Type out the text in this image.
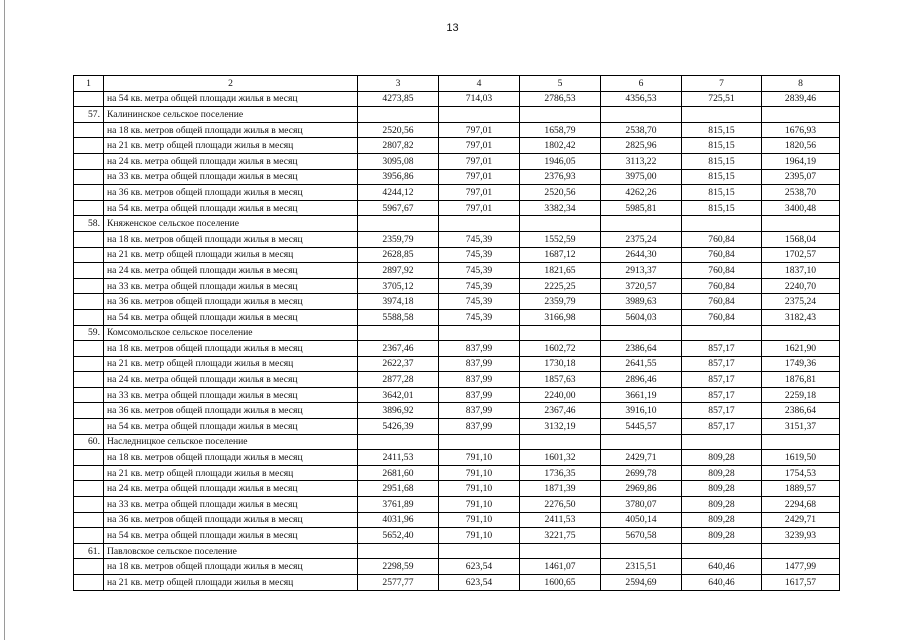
13
1	2	3	4	5	6	7	8
	на 54 кв. метра общей площади жилья в месяц	4273,85	714,03	2786,53	4356,53	725,51	2839,46
57.	Калининское сельское поселение						
	на 18 кв. метров общей площади жилья в месяц	2520,56	797,01	1658,79	2538,70	815,15	1676,93
	на 21 кв. метр общей площади жилья в месяц	2807,82	797,01	1802,42	2825,96	815,15	1820,56
	на 24 кв. метра общей площади жилья в месяц	3095,08	797,01	1946,05	3113,22	815,15	1964,19
	на 33 кв. метра общей площади жилья в месяц	3956,86	797,01	2376,93	3975,00	815,15	2395,07
	на 36 кв. метров общей площади жилья в месяц	4244,12	797,01	2520,56	4262,26	815,15	2538,70
	на 54 кв. метра общей площади жилья в месяц	5967,67	797,01	3382,34	5985,81	815,15	3400,48
58.	Княженское сельское поселение						
	на 18 кв. метров общей площади жилья в месяц	2359,79	745,39	1552,59	2375,24	760,84	1568,04
	на 21 кв. метр общей площади жилья в месяц	2628,85	745,39	1687,12	2644,30	760,84	1702,57
	на 24 кв. метра общей площади жилья в месяц	2897,92	745,39	1821,65	2913,37	760,84	1837,10
	на 33 кв. метра общей площади жилья в месяц	3705,12	745,39	2225,25	3720,57	760,84	2240,70
	на 36 кв. метров общей площади жилья в месяц	3974,18	745,39	2359,79	3989,63	760,84	2375,24
	на 54 кв. метра общей площади жилья в месяц	5588,58	745,39	3166,98	5604,03	760,84	3182,43
59.	Комсомольское сельское поселение						
	на 18 кв. метров общей площади жилья в месяц	2367,46	837,99	1602,72	2386,64	857,17	1621,90
	на 21 кв. метр общей площади жилья в месяц	2622,37	837,99	1730,18	2641,55	857,17	1749,36
	на 24 кв. метра общей площади жилья в месяц	2877,28	837,99	1857,63	2896,46	857,17	1876,81
	на 33 кв. метра общей площади жилья в месяц	3642,01	837,99	2240,00	3661,19	857,17	2259,18
	на 36 кв. метров общей площади жилья в месяц	3896,92	837,99	2367,46	3916,10	857,17	2386,64
	на 54 кв. метра общей площади жилья в месяц	5426,39	837,99	3132,19	5445,57	857,17	3151,37
60.	Наследницкое сельское поселение						
	на 18 кв. метров общей площади жилья в месяц	2411,53	791,10	1601,32	2429,71	809,28	1619,50
	на 21 кв. метр общей площади жилья в месяц	2681,60	791,10	1736,35	2699,78	809,28	1754,53
	на 24 кв. метра общей площади жилья в месяц	2951,68	791,10	1871,39	2969,86	809,28	1889,57
	на 33 кв. метра общей площади жилья в месяц	3761,89	791,10	2276,50	3780,07	809,28	2294,68
	на 36 кв. метров общей площади жилья в месяц	4031,96	791,10	2411,53	4050,14	809,28	2429,71
	на 54 кв. метра общей площади жилья в месяц	5652,40	791,10	3221,75	5670,58	809,28	3239,93
61.	Павловское сельское поселение						
	на 18 кв. метров общей площади жилья в месяц	2298,59	623,54	1461,07	2315,51	640,46	1477,99
	на 21 кв. метр общей площади жилья в месяц	2577,77	623,54	1600,65	2594,69	640,46	1617,57
